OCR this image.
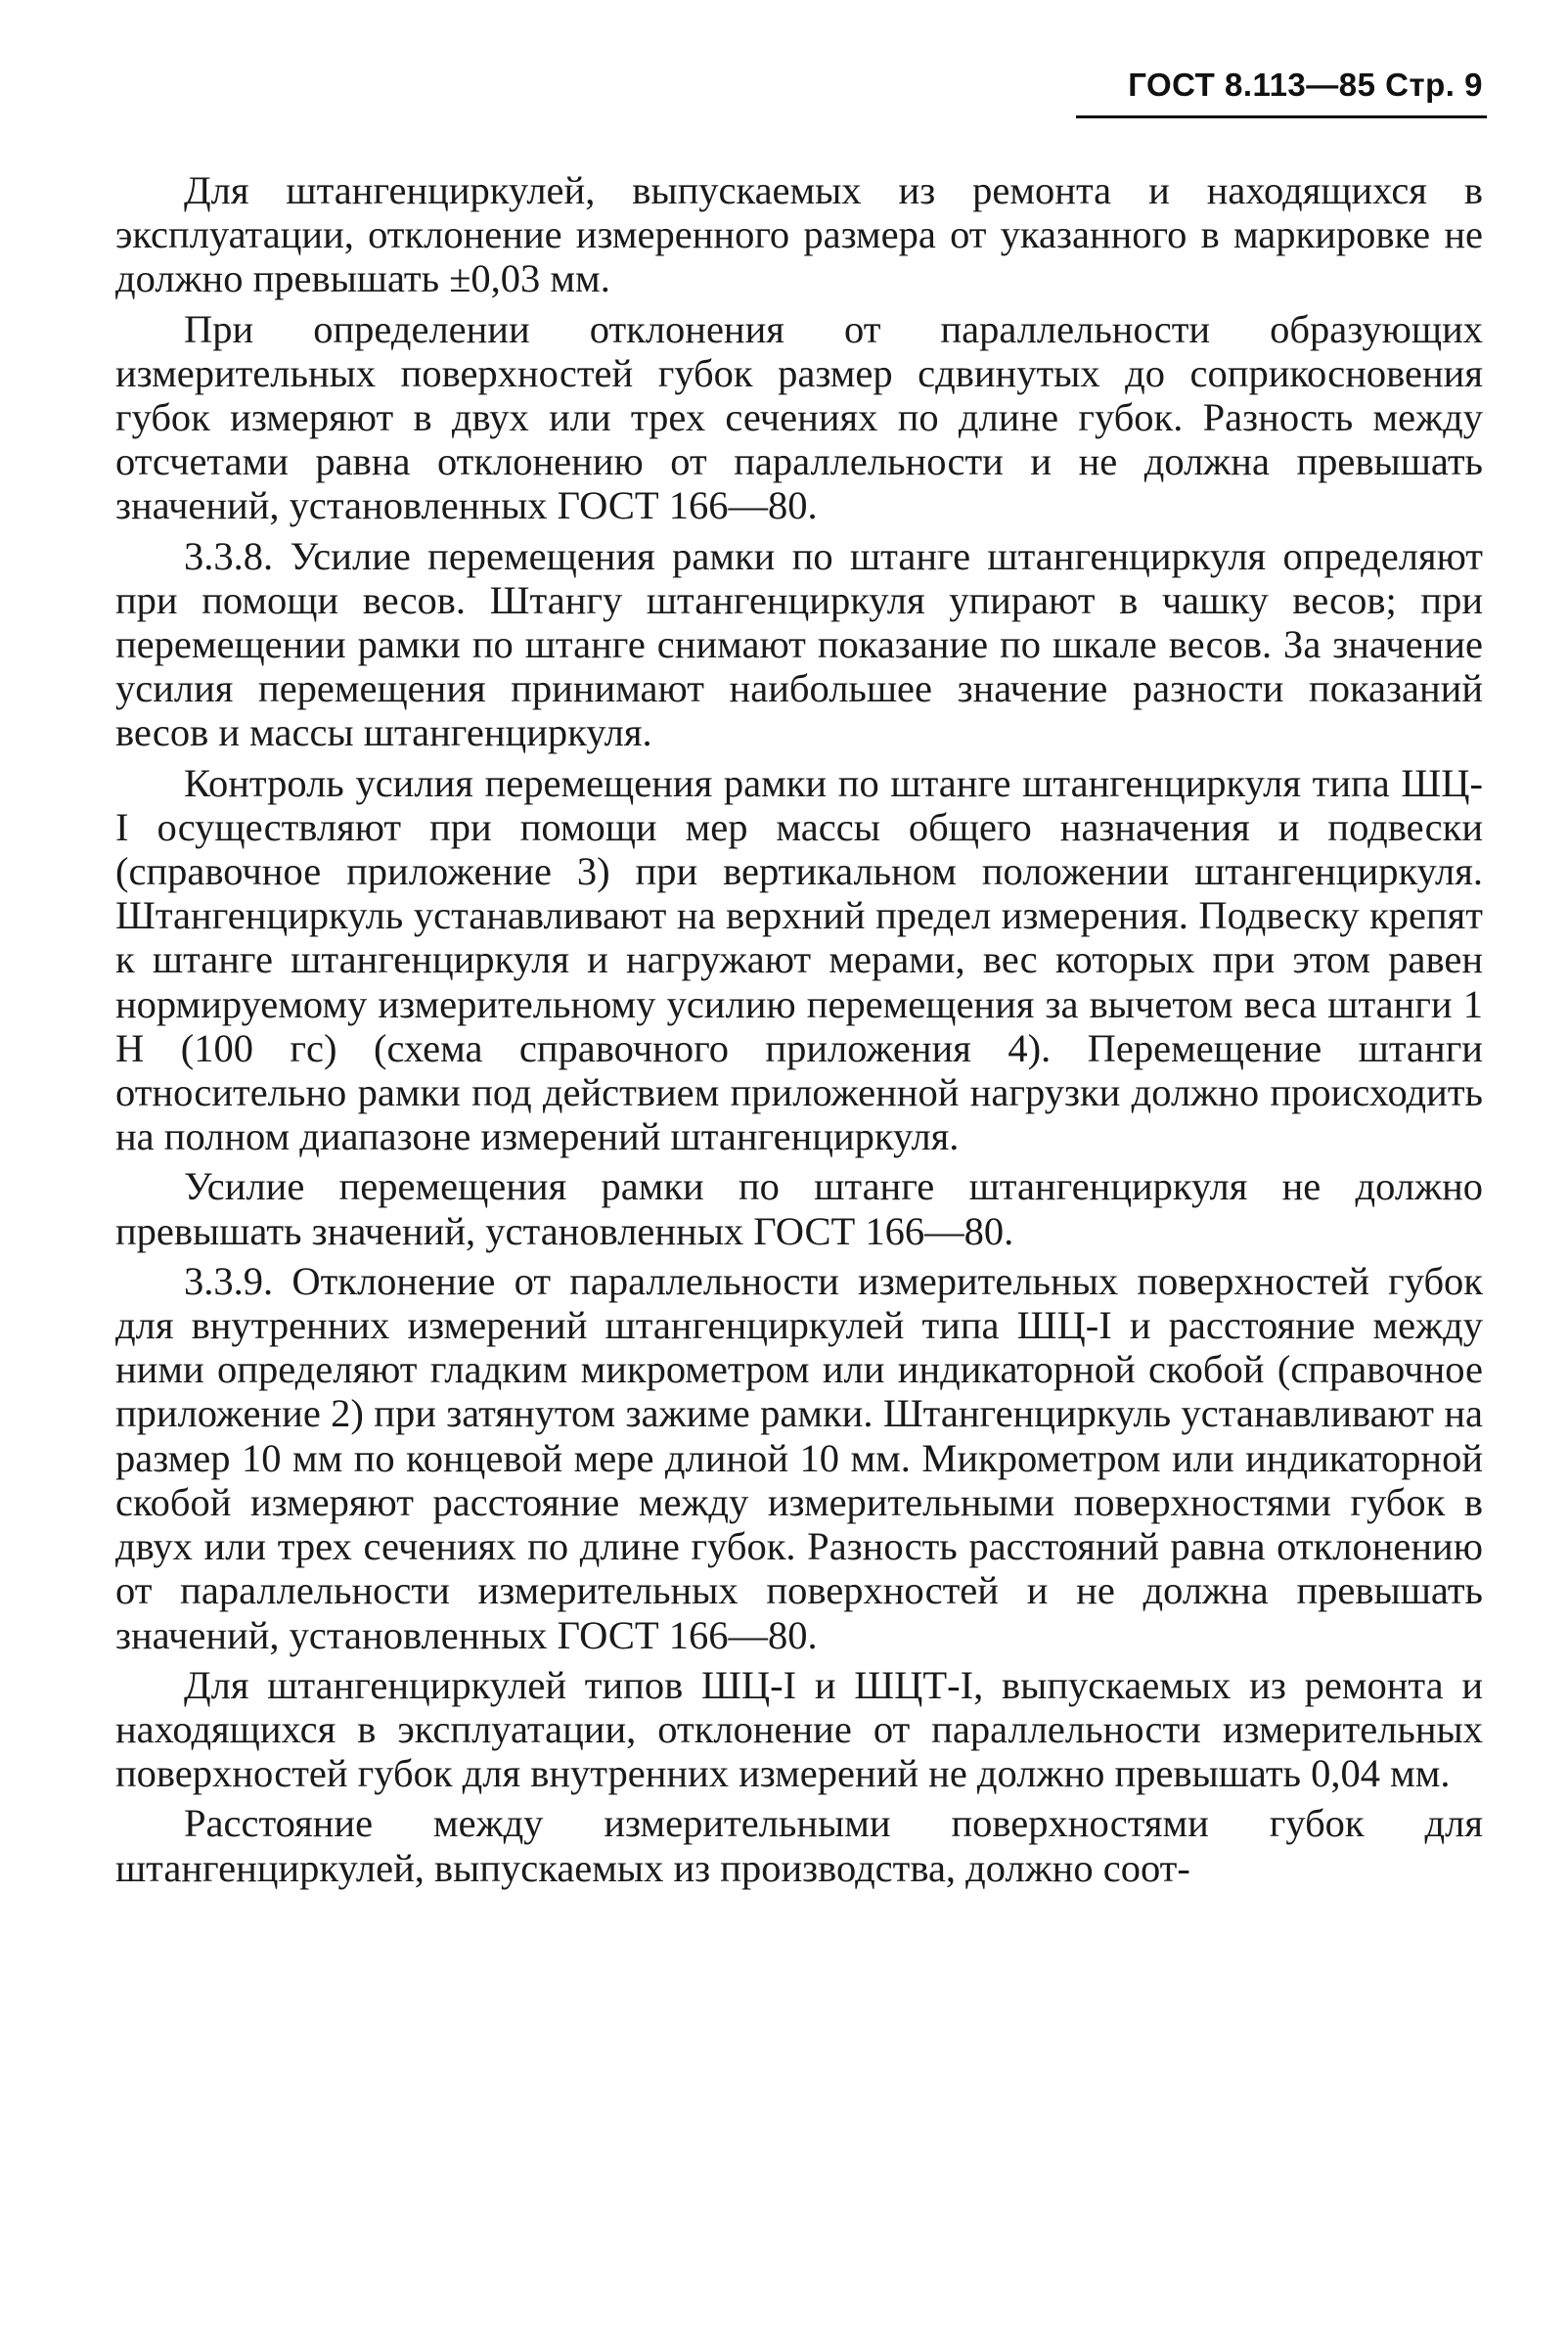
ГОСТ 8.113—85 Стр. 9

Для штангенциркулей, выпускаемых из ремонта и находящихся в эксплуатации, отклонение измеренного размера от указанного в маркировке не должно превышать ±0,03 мм.

При определении отклонения от параллельности образующих измерительных поверхностей губок размер сдвинутых до соприкосновения губок измеряют в двух или трех сечениях по длине губок. Разность между отсчетами равна отклонению от параллельности и не должна превышать значений, установленных ГОСТ 166—80.

3.3.8. Усилие перемещения рамки по штанге штангенциркуля определяют при помощи весов. Штангу штангенциркуля упирают в чашку весов; при перемещении рамки по штанге снимают показание по шкале весов. За значение усилия перемещения принимают наибольшее значение разности показаний весов и массы штангенциркуля.

Контроль усилия перемещения рамки по штанге штангенциркуля типа ШЦ-I осуществляют при помощи мер массы общего назначения и подвески (справочное приложение 3) при вертикальном положении штангенциркуля. Штангенциркуль устанавливают на верхний предел измерения. Подвеску крепят к штанге штангенциркуля и нагружают мерами, вес которых при этом равен нормируемому измерительному усилию перемещения за вычетом веса штанги 1 Н (100 гс) (схема справочного приложения 4). Перемещение штанги относительно рамки под действием приложенной нагрузки должно происходить на полном диапазоне измерений штангенциркуля.

Усилие перемещения рамки по штанге штангенциркуля не должно превышать значений, установленных ГОСТ 166—80.

3.3.9. Отклонение от параллельности измерительных поверхностей губок для внутренних измерений штангенциркулей типа ШЦ-I и расстояние между ними определяют гладким микрометром или индикаторной скобой (справочное приложение 2) при затянутом зажиме рамки. Штангенциркуль устанавливают на размер 10 мм по концевой мере длиной 10 мм. Микрометром или индикаторной скобой измеряют расстояние между измерительными поверхностями губок в двух или трех сечениях по длине губок. Разность расстояний равна отклонению от параллельности измерительных поверхностей и не должна превышать значений, установленных ГОСТ 166—80.

Для штангенциркулей типов ШЦ-I и ШЦТ-I, выпускаемых из ремонта и находящихся в эксплуатации, отклонение от параллельности измерительных поверхностей губок для внутренних измерений не должно превышать 0,04 мм.

Расстояние между измерительными поверхностями губок для штангенциркулей, выпускаемых из производства, должно соот-
